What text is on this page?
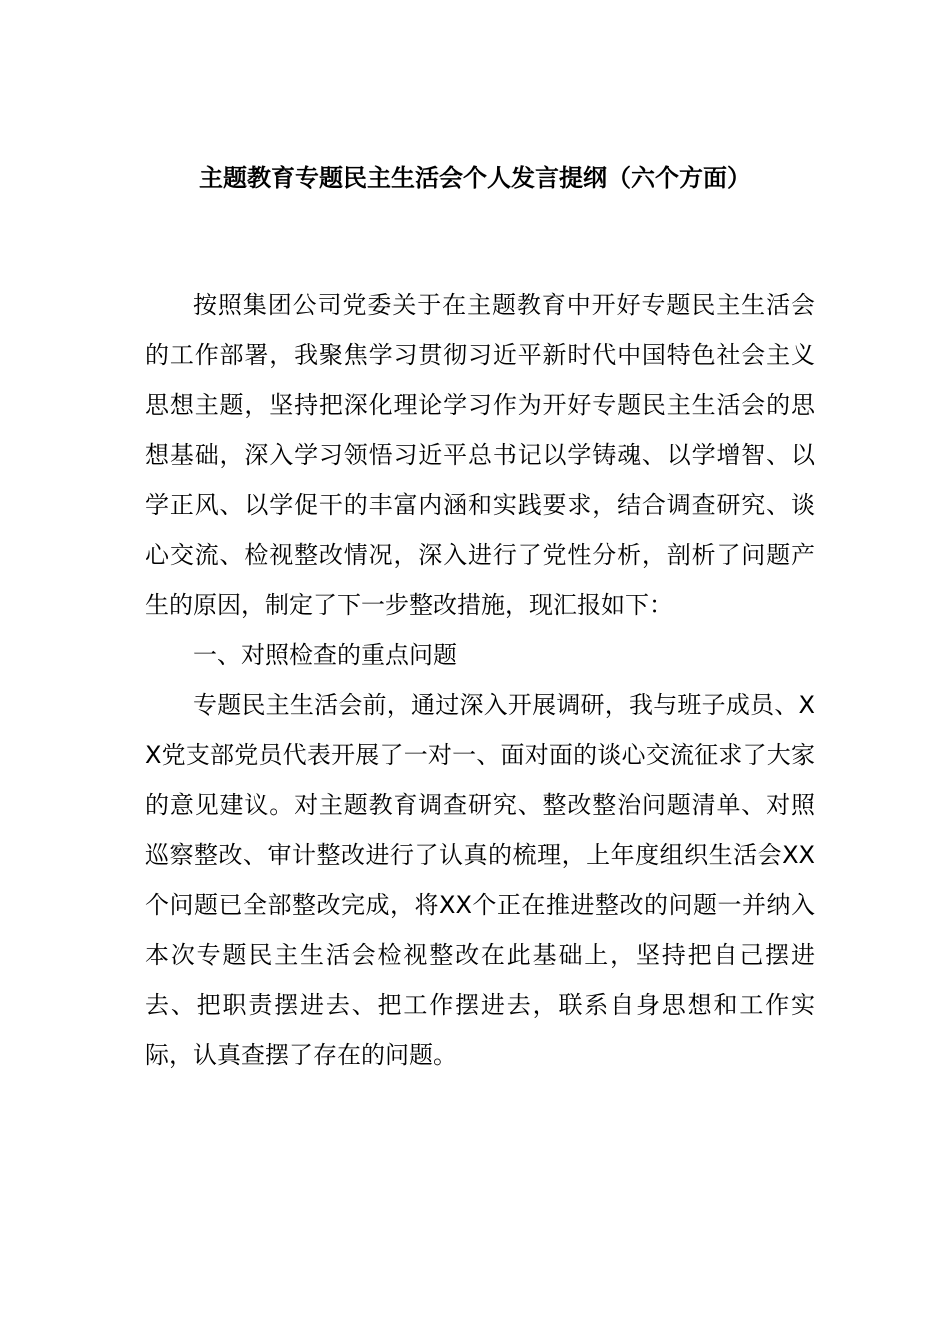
主题教育专题民主生活会个人发言提纲（六个方面）

按照集团公司党委关于在主题教育中开好专题民主生活会的工作部署，我聚焦学习贯彻习近平新时代中国特色社会主义思想主题，坚持把深化理论学习作为开好专题民主生活会的思想基础，深入学习领悟习近平总书记以学铸魂、以学增智、以学正风、以学促干的丰富内涵和实践要求，结合调查研究、谈心交流、检视整改情况，深入进行了党性分析，剖析了问题产生的原因，制定了下一步整改措施，现汇报如下：

一、对照检查的重点问题

专题民主生活会前，通过深入开展调研，我与班子成员、XX党支部党员代表开展了一对一、面对面的谈心交流征求了大家的意见建议。对主题教育调查研究、整改整治问题清单、对照巡察整改、审计整改进行了认真的梳理，上年度组织生活会XX个问题已全部整改完成，将XX个正在推进整改的问题一并纳入本次专题民主生活会检视整改在此基础上，坚持把自己摆进去、把职责摆进去、把工作摆进去，联系自身思想和工作实际，认真查摆了存在的问题。
